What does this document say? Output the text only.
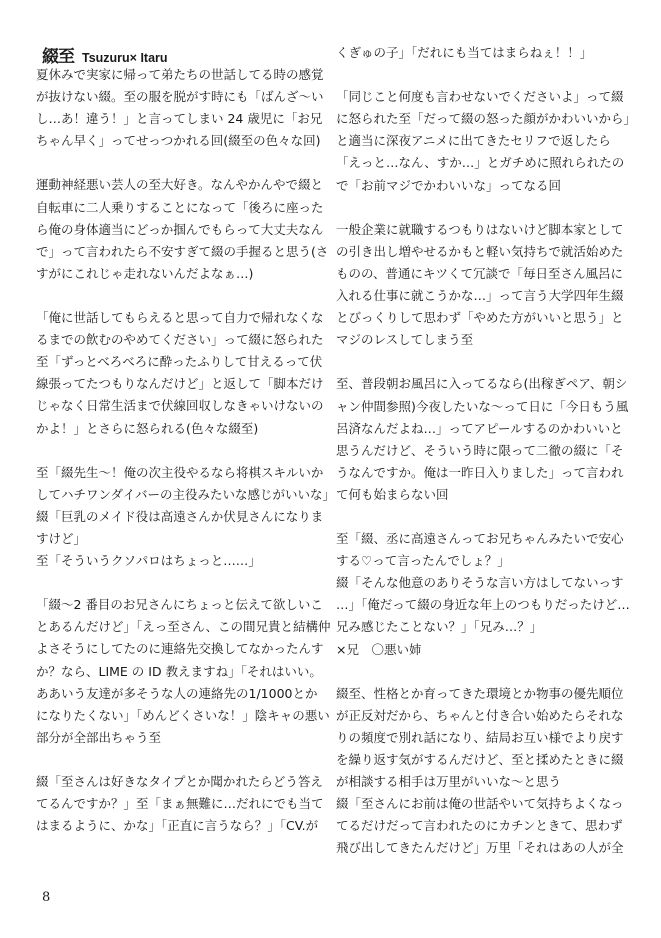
綴至 Tsuzuru× Itaru
夏休みで実家に帰って弟たちの世話してる時の感覚
が抜けない綴。至の服を脱がす時にも「ばんざ〜い
し…あ！違う！」と言ってしまい 24 歳児に「お兄
ちゃん早く」ってせっつかれる回(綴至の色々な回)
運動神経悪い芸人の至大好き。なんやかんやで綴と
自転車に二人乗りすることになって「後ろに座った
ら俺の身体適当にどっか掴んでもらって大丈夫なん
で」って言われたら不安すぎて綴の手握ると思う(さ
すがにこれじゃ走れないんだよなぁ…)
「俺に世話してもらえると思って自力で帰れなくな
るまでの飲むのやめてください」って綴に怒られた
至「ずっとべろべろに酔ったふりして甘えるって伏
線張ってたつもりなんだけど」と返して「脚本だけ
じゃなく日常生活まで伏線回収しなきゃいけないの
かよ！」とさらに怒られる(色々な綴至)
至「綴先生〜！俺の次主役やるなら将棋スキルいか
してハチワンダイバーの主役みたいな感じがいいな」
綴「巨乳のメイド役は高遠さんか伏見さんになりま
すけど」
至「そういうクソパロはちょっと……」
「綴〜2 番目のお兄さんにちょっと伝えて欲しいこ
とあるんだけど」「えっ至さん、この間兄貴と結構仲
よさそうにしてたのに連絡先交換してなかったんす
か？なら、LIME の ID 教えますね」「それはいい。
ああいう友達が多そうな人の連絡先の1/1000とか
になりたくない」「めんどくさいな！」陰キャの悪い
部分が全部出ちゃう至
綴「至さんは好きなタイプとか聞かれたらどう答え
てるんですか？」至「まぁ無難に…だれにでも当て
はまるように、かな」「正直に言うなら？」「CV.が
くぎゅの子」「だれにも当てはまらねぇ！！」
「同じこと何度も言わせないでくださいよ」って綴
に怒られた至「だって綴の怒った顔がかわいいから」
と適当に深夜アニメに出てきたセリフで返したら
「えっと…なん、すか…」とガチめに照れられたの
で「お前マジでかわいいな」ってなる回
一般企業に就職するつもりはないけど脚本家として
の引き出し増やせるかもと軽い気持ちで就活始めた
ものの、普通にキツくて冗談で「毎日至さん風呂に
入れる仕事に就こうかな…」って言う大学四年生綴
とびっくりして思わず「やめた方がいいと思う」と
マジのレスしてしまう至
至、普段朝お風呂に入ってるなら(出稼ぎペア、朝シ
ャン仲間参照)今夜したいな〜って日に「今日もう風
呂済なんだよね…」ってアピールするのかわいいと
思うんだけど、そういう時に限って二徹の綴に「そ
うなんですか。俺は一昨日入りました」って言われ
て何も始まらない回
至「綴、丞に高遠さんってお兄ちゃんみたいで安心
する♡って言ったんでしょ？」
綴「そんな他意のありそうな言い方はしてないっす
…」「俺だって綴の身近な年上のつもりだったけど…
兄み感じたことない？」「兄み…？」
×兄　〇悪い姉
綴至、性格とか育ってきた環境とか物事の優先順位
が正反対だから、ちゃんと付き合い始めたらそれな
りの頻度で別れ話になり、結局お互い様でより戻す
を繰り返す気がするんだけど、至と揉めたときに綴
が相談する相手は万里がいいな〜と思う
綴「至さんにお前は俺の世話やいて気持ちよくなっ
てるだけだって言われたのにカチンときて、思わず
飛び出してきたんだけど」万里「それはあの人が全
8
